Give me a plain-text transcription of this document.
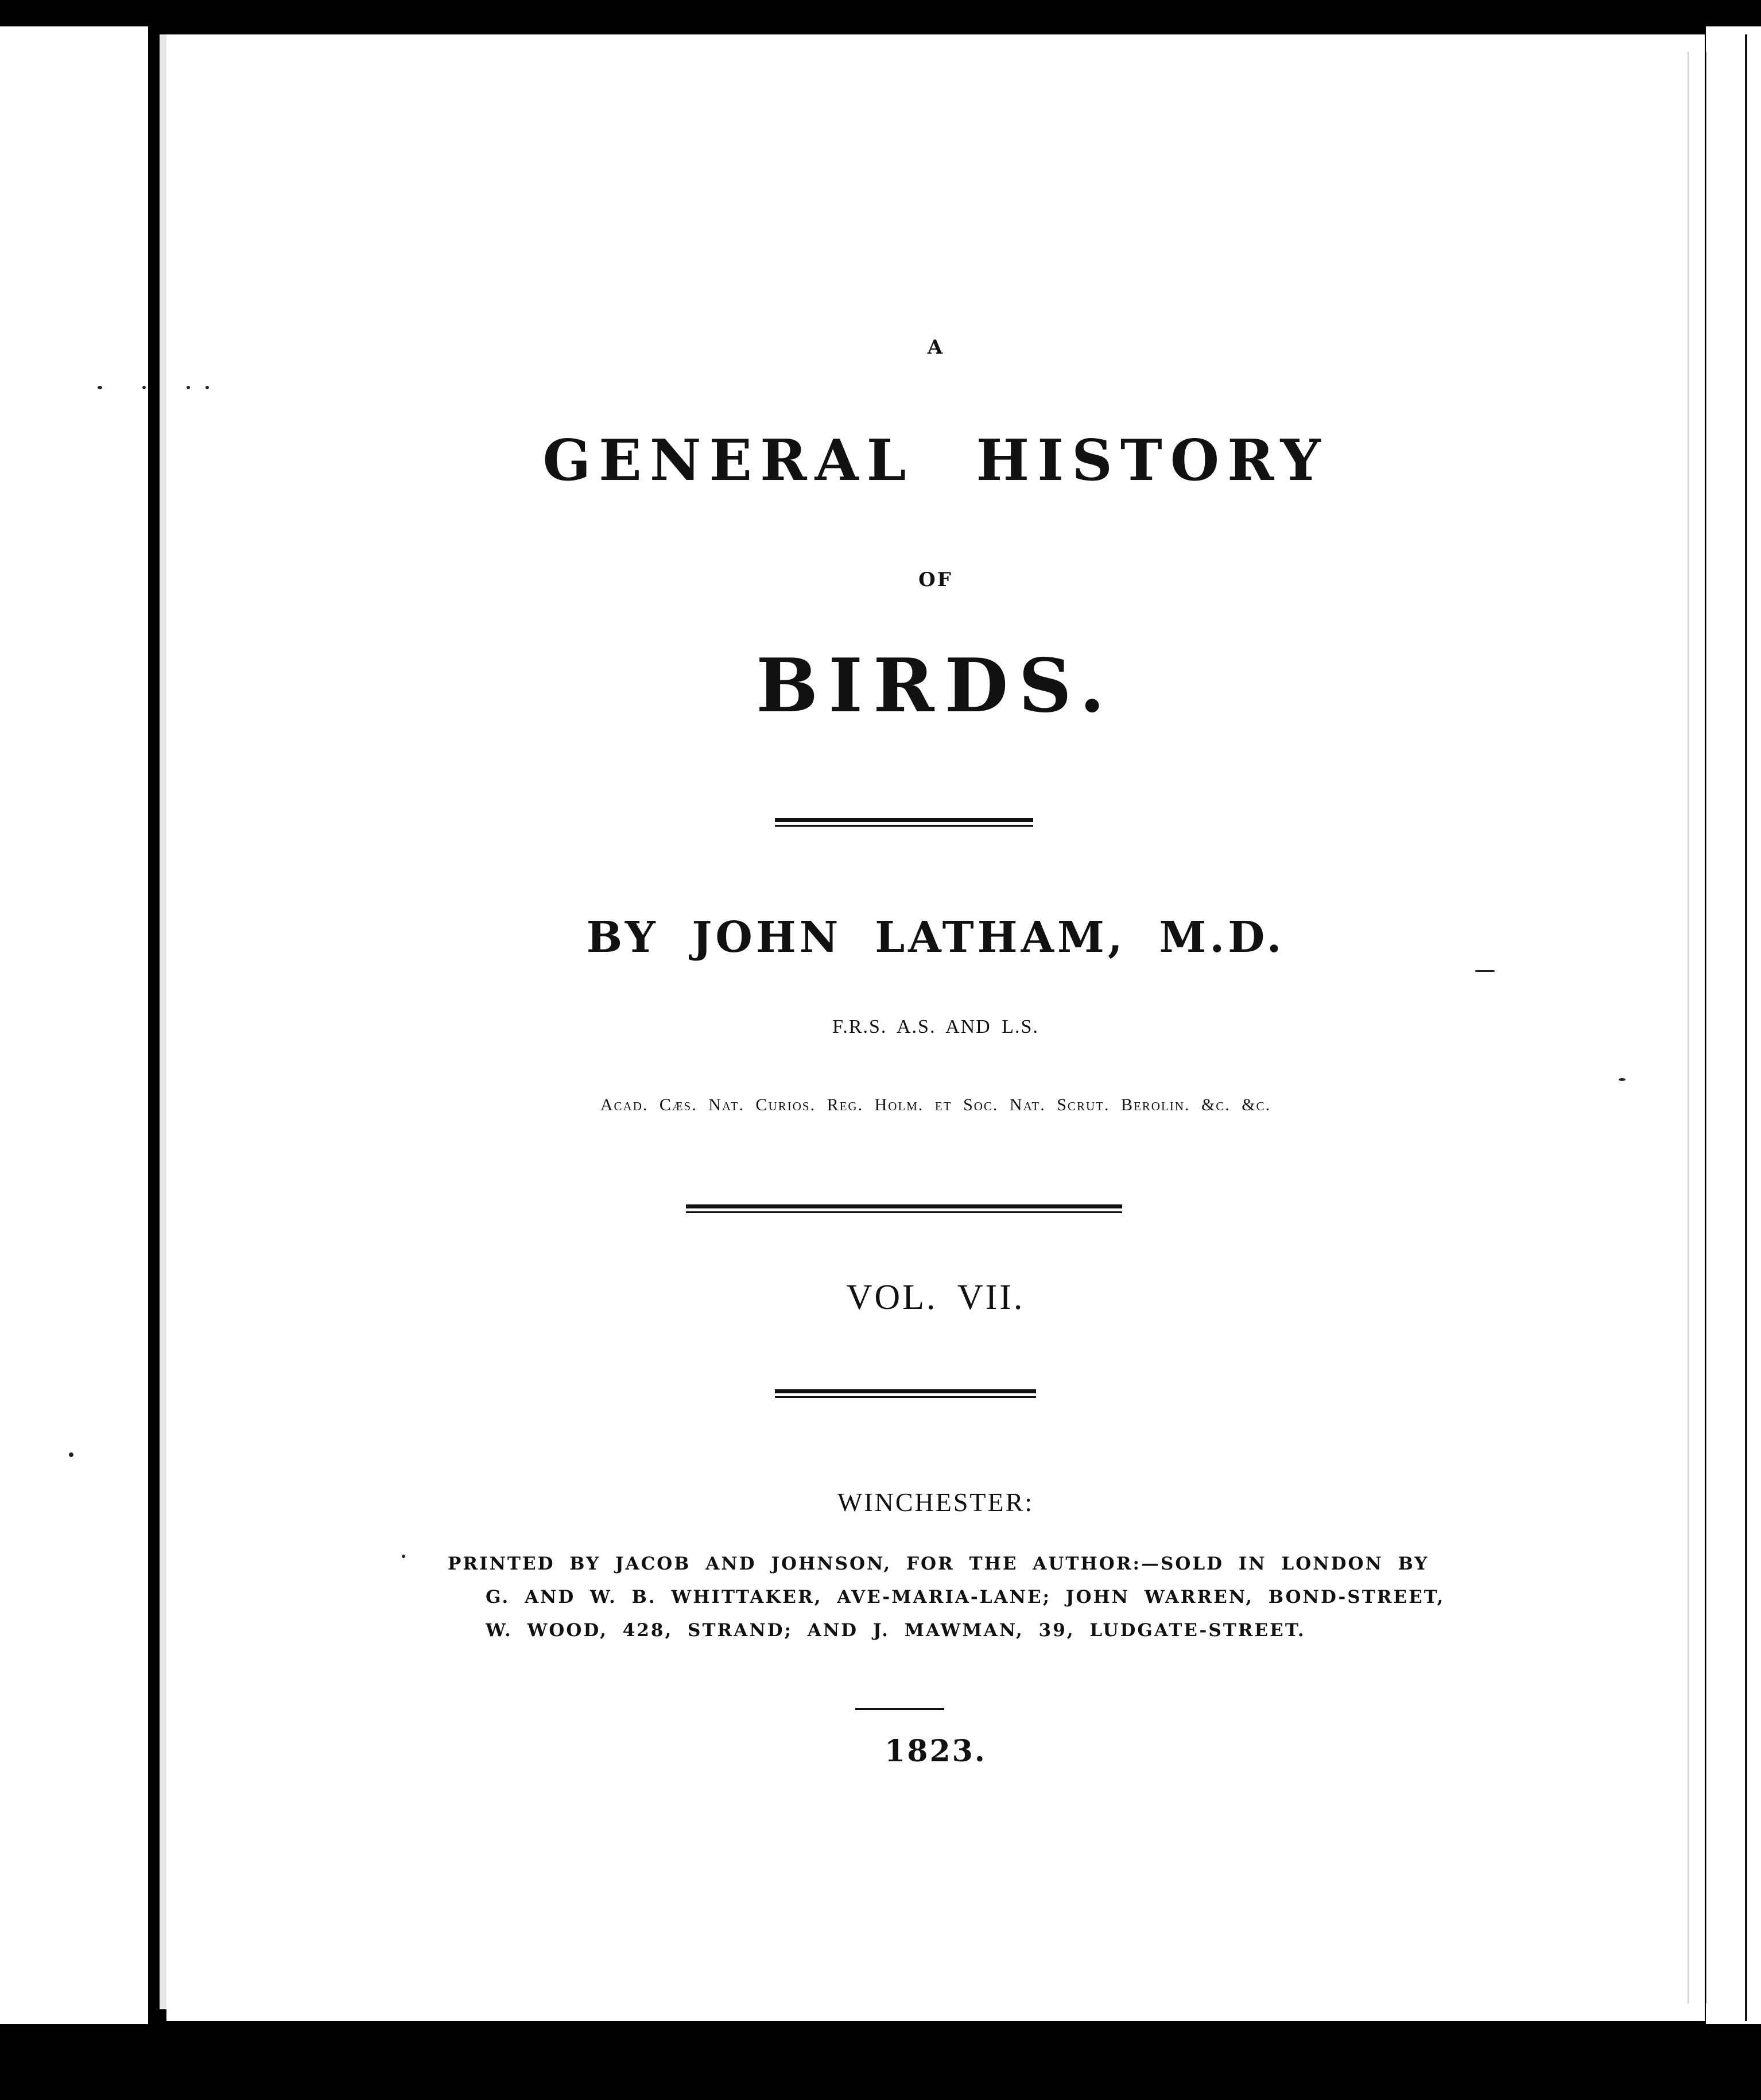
A
GENERAL HISTORY
OF
BIRDS.
BY JOHN LATHAM, M.D.
F.R.S. A.S. AND L.S.
Acad. Cæs. Nat. Curios. Reg. Holm. et Soc. Nat. Scrut. Berolin. &c. &c.
VOL. VII.
WINCHESTER:
PRINTED BY JACOB AND JOHNSON, FOR THE AUTHOR:—SOLD IN LONDON BY
G. AND W. B. WHITTAKER, AVE-MARIA-LANE; JOHN WARREN, BOND-STREET,
W. WOOD, 428, STRAND; AND J. MAWMAN, 39, LUDGATE-STREET.
1823.
